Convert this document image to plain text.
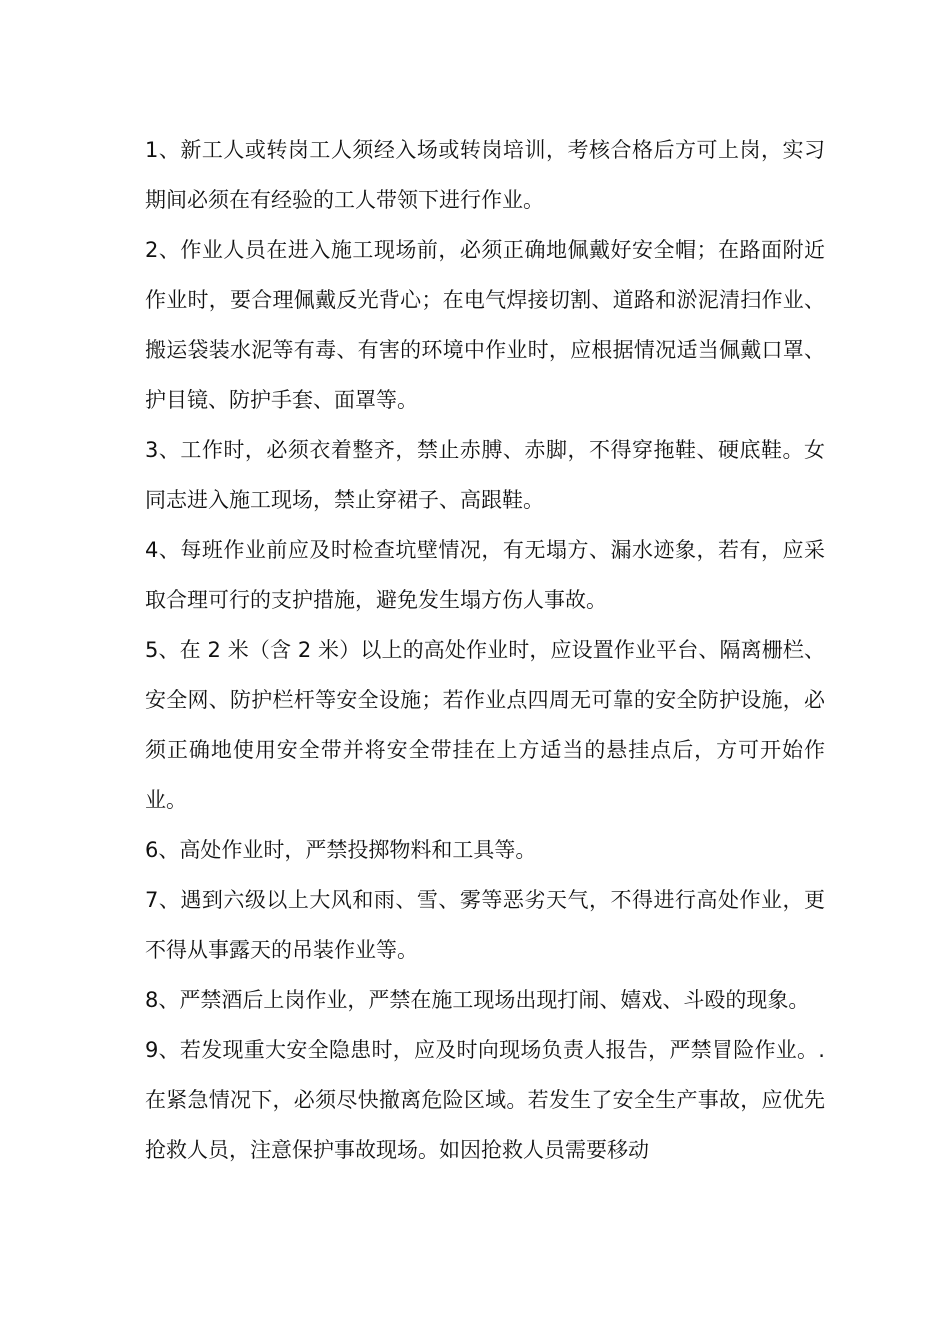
1、新工人或转岗工人须经入场或转岗培训，考核合格后方可上岗，实习期间必须在有经验的工人带领下进行作业。

2、作业人员在进入施工现场前，必须正确地佩戴好安全帽；在路面附近作业时，要合理佩戴反光背心；在电气焊接切割、道路和淤泥清扫作业、搬运袋装水泥等有毒、有害的环境中作业时，应根据情况适当佩戴口罩、护目镜、防护手套、面罩等。

3、工作时，必须衣着整齐，禁止赤膊、赤脚，不得穿拖鞋、硬底鞋。女同志进入施工现场，禁止穿裙子、高跟鞋。

4、每班作业前应及时检查坑壁情况，有无塌方、漏水迹象，若有，应采取合理可行的支护措施，避免发生塌方伤人事故。

5、在 2 米（含 2 米）以上的高处作业时，应设置作业平台、隔离栅栏、安全网、防护栏杆等安全设施；若作业点四周无可靠的安全防护设施，必须正确地使用安全带并将安全带挂在上方适当的悬挂点后，方可开始作业。

6、高处作业时，严禁投掷物料和工具等。

7、遇到六级以上大风和雨、雪、雾等恶劣天气，不得进行高处作业，更不得从事露天的吊装作业等。

8、严禁酒后上岗作业，严禁在施工现场出现打闹、嬉戏、斗殴的现象。

9、若发现重大安全隐患时，应及时向现场负责人报告，严禁冒险作业。. 在紧急情况下，必须尽快撤离危险区域。若发生了安全生产事故，应优先抢救人员，注意保护事故现场。如因抢救人员需要移动
